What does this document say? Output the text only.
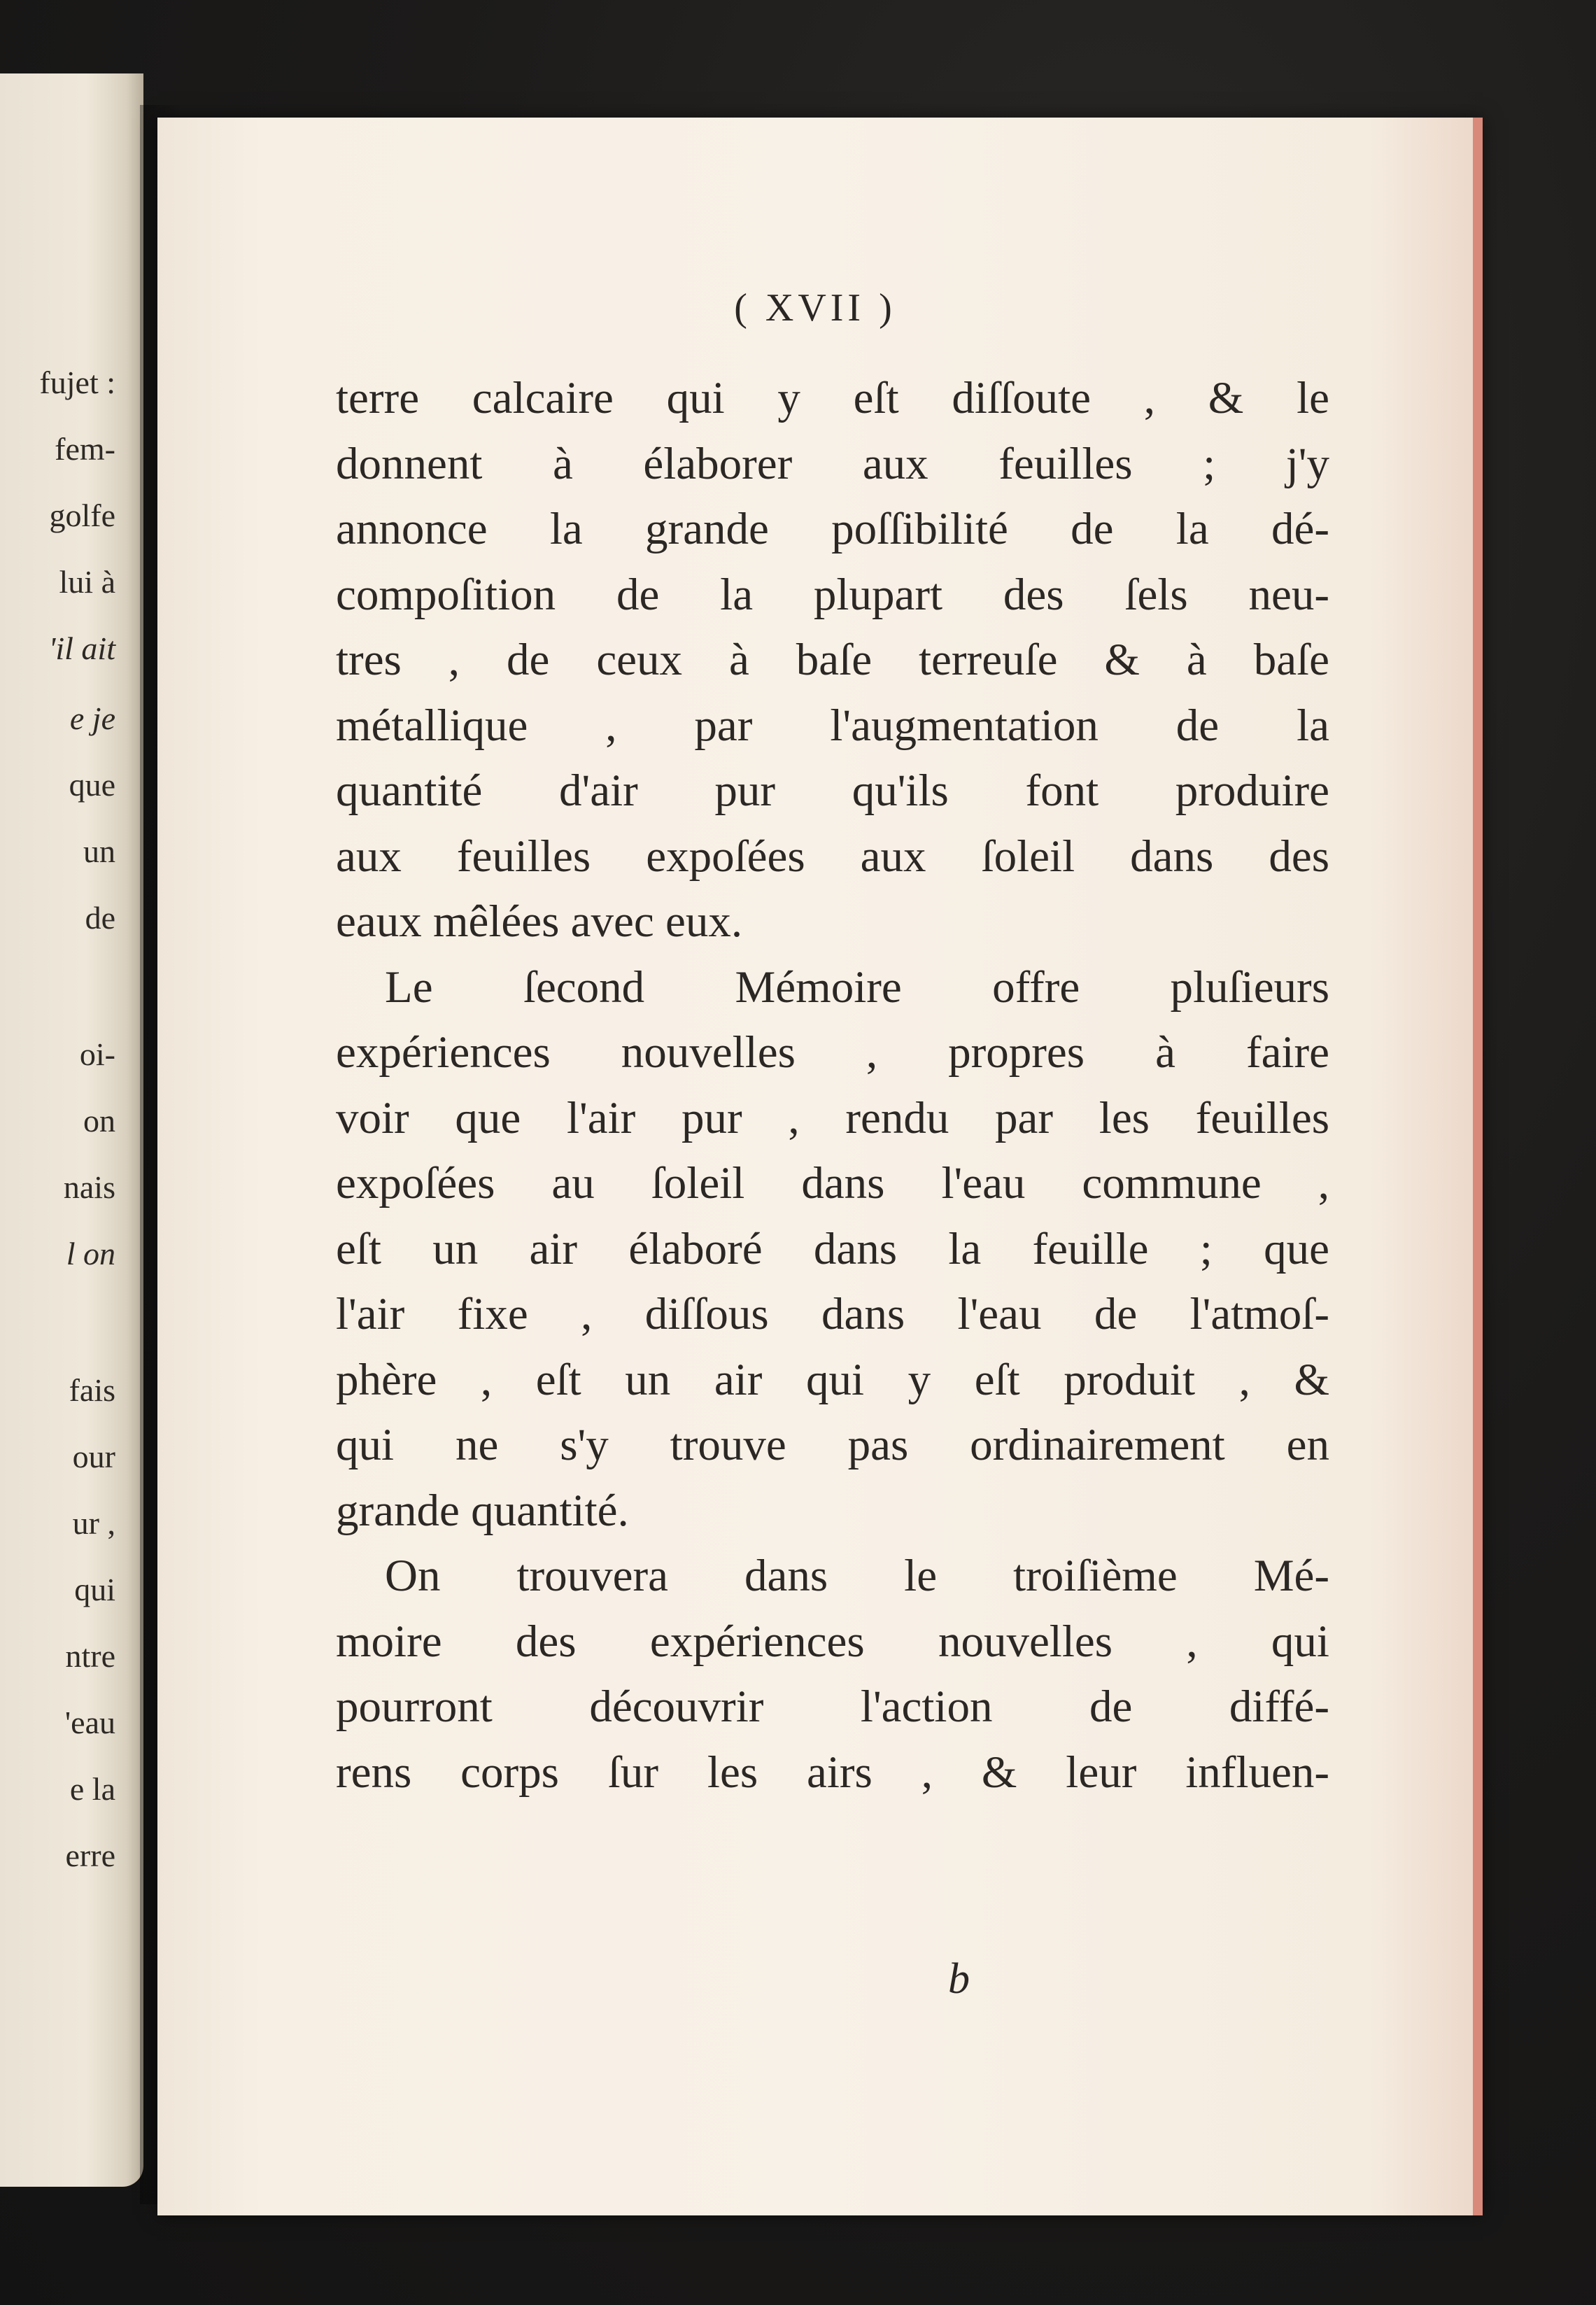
fujet :
fem-
golfe
lui à
'il ait
e je
que
un
de
oi-
on
nais
l on
fais
our
ur ,
qui
ntre
'eau
e la
erre
( XVII )
terre calcaire qui y eſt diſſoute , & le
donnent à élaborer aux feuilles ; j'y
annonce la grande poſſibilité de la dé-
compoſition de la plupart des ſels neu-
tres , de ceux à baſe terreuſe & à baſe
métallique , par l'augmentation de la
quantité d'air pur qu'ils font produire
aux feuilles expoſées aux ſoleil dans des
eaux mêlées avec eux.
Le ſecond Mémoire offre pluſieurs
expériences nouvelles , propres à faire
voir que l'air pur , rendu par les feuilles
expoſées au ſoleil dans l'eau commune ,
eſt un air élaboré dans la feuille ; que
l'air fixe , diſſous dans l'eau de l'atmoſ-
phère , eſt un air qui y eſt produit , &
qui ne s'y trouve pas ordinairement en
grande quantité.
On trouvera dans le troiſième Mé-
moire des expériences nouvelles , qui
pourront découvrir l'action de diffé-
rens corps ſur les airs , & leur influen-
b
